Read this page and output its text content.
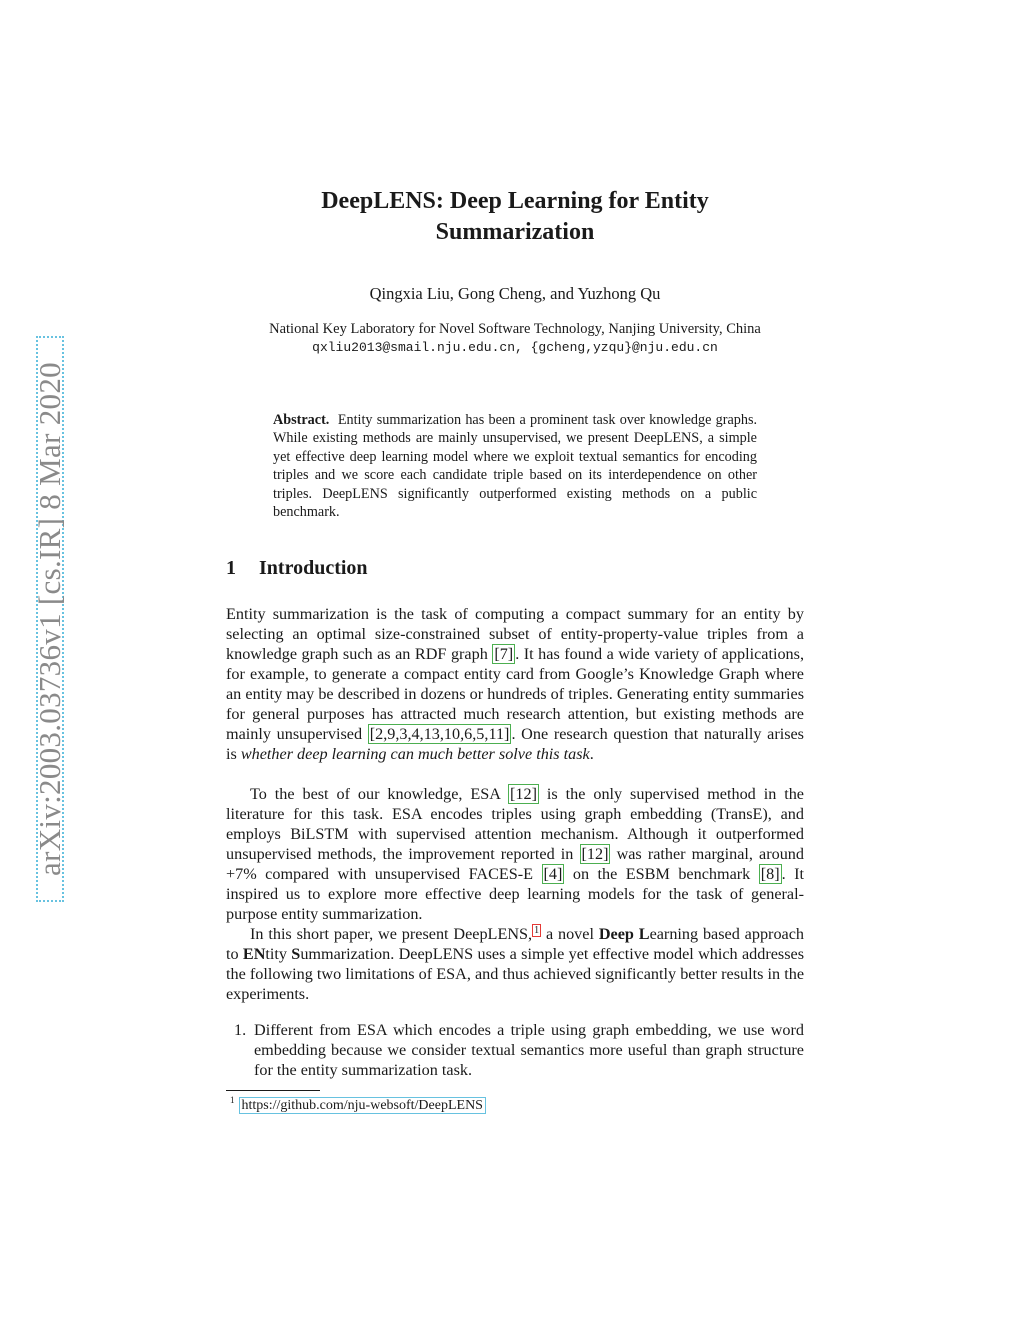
arXiv:2003.03736v1 [cs.IR] 8 Mar 2020
DeepLENS: Deep Learning for Entity
Summarization
Qingxia Liu, Gong Cheng, and Yuzhong Qu
National Key Laboratory for Novel Software Technology, Nanjing University, China
qxliu2013@smail.nju.edu.cn, {gcheng,yzqu}@nju.edu.cn

Abstract. Entity summarization has been a prominent task over knowledge graphs. While existing methods are mainly unsupervised, we present DeepLENS, a simple yet effective deep learning model where we exploit textual semantics for encoding triples and we score each candidate triple based on its interdependence on other triples. DeepLENS significantly outperformed existing methods on a public benchmark.

1 Introduction

Entity summarization is the task of computing a compact summary for an entity by selecting an optimal size-constrained subset of entity-property-value triples from a knowledge graph such as an RDF graph [7] . It has found a wide variety of applications, for example, to generate a compact entity card from Google’s Knowledge Graph where an entity may be described in dozens or hundreds of triples. Generating entity summaries for general purposes has attracted much research attention, but existing methods are mainly unsupervised [2,9,3,4,13,10,6,5,11] . One research question that naturally arises is whether deep learning can much better solve this task.

To the best of our knowledge, ESA [12] is the only supervised method in the literature for this task. ESA encodes triples using graph embedding (TransE), and employs BiLSTM with supervised attention mechanism. Although it outperformed unsupervised methods, the improvement reported in [12] was rather marginal, around +7% compared with unsupervised FACES-E [4] on the ESBM benchmark [8] . It inspired us to explore more effective deep learning models for the task of general-purpose entity summarization.

In this short paper, we present DeepLENS, $^1$ a novel Deep Learning based approach to ENtity Summarization. DeepLENS uses a simple yet effective model which addresses the following two limitations of ESA, and thus achieved significantly better results in the experiments.

1. Different from ESA which encodes a triple using graph embedding, we use word embedding because we consider textual semantics more useful than graph structure for the entity summarization task.
$^1$ https://github.com/nju-websoft/DeepLENS
